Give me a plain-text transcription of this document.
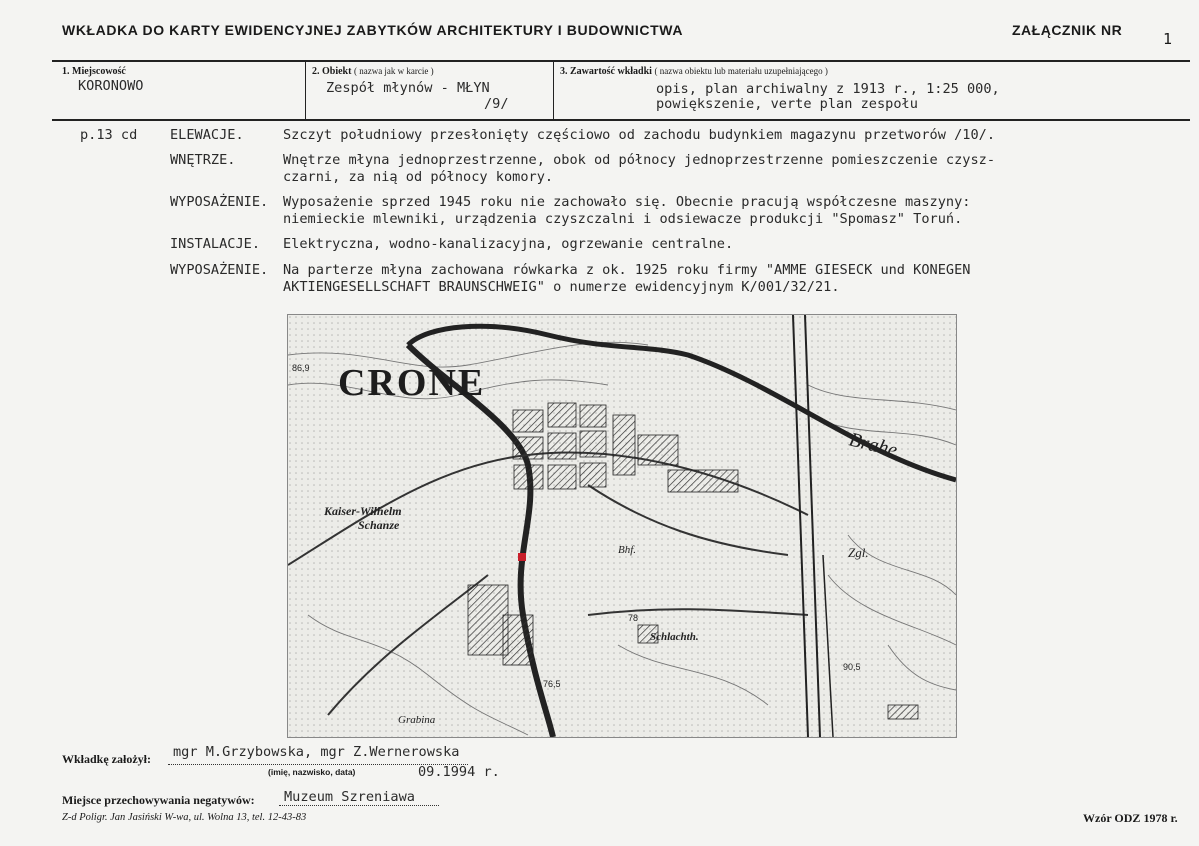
WKŁADKA DO KARTY EWIDENCYJNEJ ZABYTKÓW ARCHITEKTURY I BUDOWNICTWA	ZAŁĄCZNIK NR	1
1. Miejscowość
KORONOWO
2. Obiekt ( nazwa jak w karcie )
Zespół młynów - MŁYN
/9/
3. Zawartość wkładki ( nazwa obiektu lub materiału uzupełniającego )
opis, plan archiwalny z 1913 r., 1:25 000,
powiększenie, verte plan zespołu
p.13 cd ELEWACJE.	Szczyt południowy przesłonięty częściowo od zachodu budynkiem magazynu przetworów /10/.
WNĘTRZE.	Wnętrze młyna jednoprzestrzenne, obok od północy jednoprzestrzenne pomieszczenie czysz-
czarni, za nią od północy komory.
WYPOSAŻENIE. Wyposażenie sprzed 1945 roku nie zachowało się. Obecnie pracują współczesne maszyny:
niemieckie mlewniki, urządzenia czyszczalni i odsiewacze produkcji "Spomasz" Toruń.
INSTALACJE. Elektryczna, wodno-kanalizacyjna, ogrzewanie centralne.
WYPOSAŻENIE. Na parterze młyna zachowana rówkarka z ok. 1925 roku firmy "AMME GIESECK und KONEGEN
AKTIENGESELLSCHAFT BRAUNSCHWEIG" o numerze ewidencyjnym K/001/32/21.
CRONE
Brahe
Kaiser-Wilhelm
Schanze
Bhf.
Schlachth.
Zgl.
Grabina
78
76,5
90,5
86,9
Wkładkę założył: mgr M.Grzybowska, mgr Z.Wernerowska
(imię, nazwisko, data)	09.1994 r.
Miejsce przechowywania negatywów: Muzeum Szreniawa
Z-d Poligr. Jan Jasiński W-wa, ul. Wolna 13, tel. 12-43-83	Wzór ODZ 1978 r.
